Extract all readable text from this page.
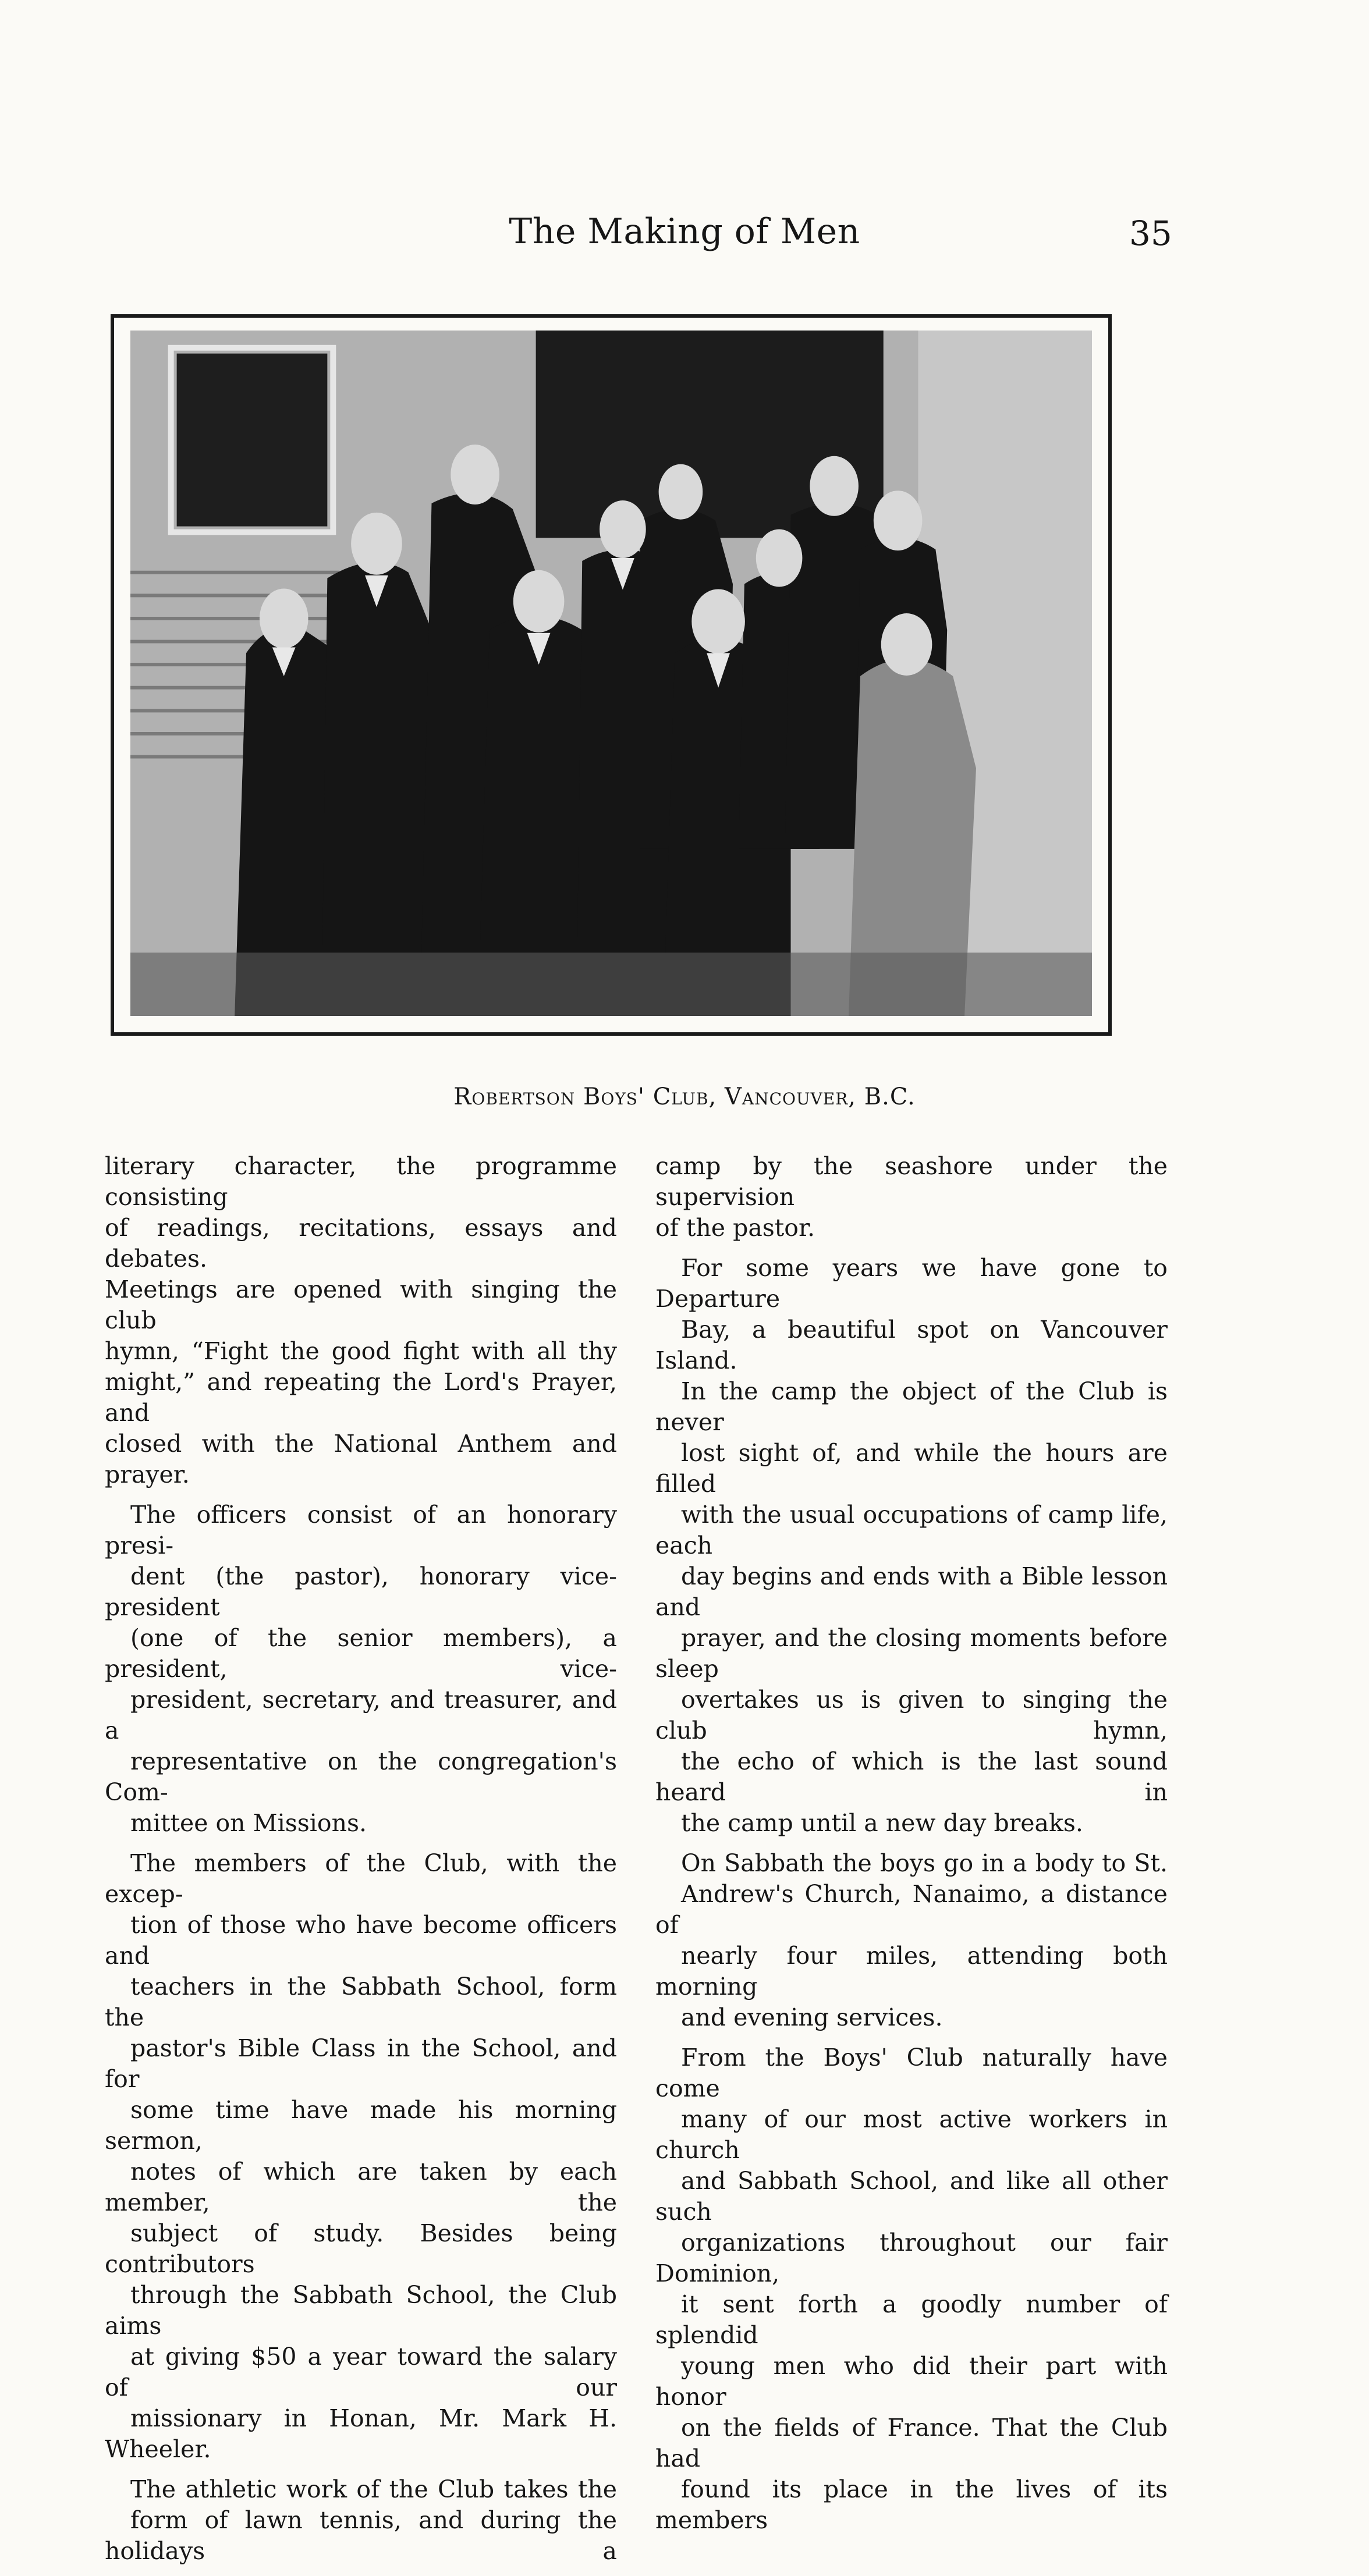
The Making of Men	35
Robertson Boys' Club, Vancouver, B.C.

literary character, the programme consisting
of readings, recitations, essays and debates.
Meetings are opened with singing the club
hymn, “Fight the good fight with all thy
might,” and repeating the Lord's Prayer, and
closed with the National Anthem and prayer.

The officers consist of an honorary presi-
dent (the pastor), honorary vice-president
(one of the senior members), a president, vice-
president, secretary, and treasurer, and a
representative on the congregation's Com-
mittee on Missions.

The members of the Club, with the excep-
tion of those who have become officers and
teachers in the Sabbath School, form the
pastor's Bible Class in the School, and for
some time have made his morning sermon,
notes of which are taken by each member, the
subject of study. Besides being contributors
through the Sabbath School, the Club aims
at giving $50 a year toward the salary of our
missionary in Honan, Mr. Mark H. Wheeler.

The athletic work of the Club takes the
form of lawn tennis, and during the holidays a

camp by the seashore under the supervision
of the pastor.

For some years we have gone to Departure
Bay, a beautiful spot on Vancouver Island.
In the camp the object of the Club is never
lost sight of, and while the hours are filled
with the usual occupations of camp life, each
day begins and ends with a Bible lesson and
prayer, and the closing moments before sleep
overtakes us is given to singing the club hymn,
the echo of which is the last sound heard in
the camp until a new day breaks.

On Sabbath the boys go in a body to St.
Andrew's Church, Nanaimo, a distance of
nearly four miles, attending both morning
and evening services.

From the Boys' Club naturally have come
many of our most active workers in church
and Sabbath School, and like all other such
organizations throughout our fair Dominion,
it sent forth a goodly number of splendid
young men who did their part with honor
on the fields of France. That the Club had
found its place in the lives of its members
